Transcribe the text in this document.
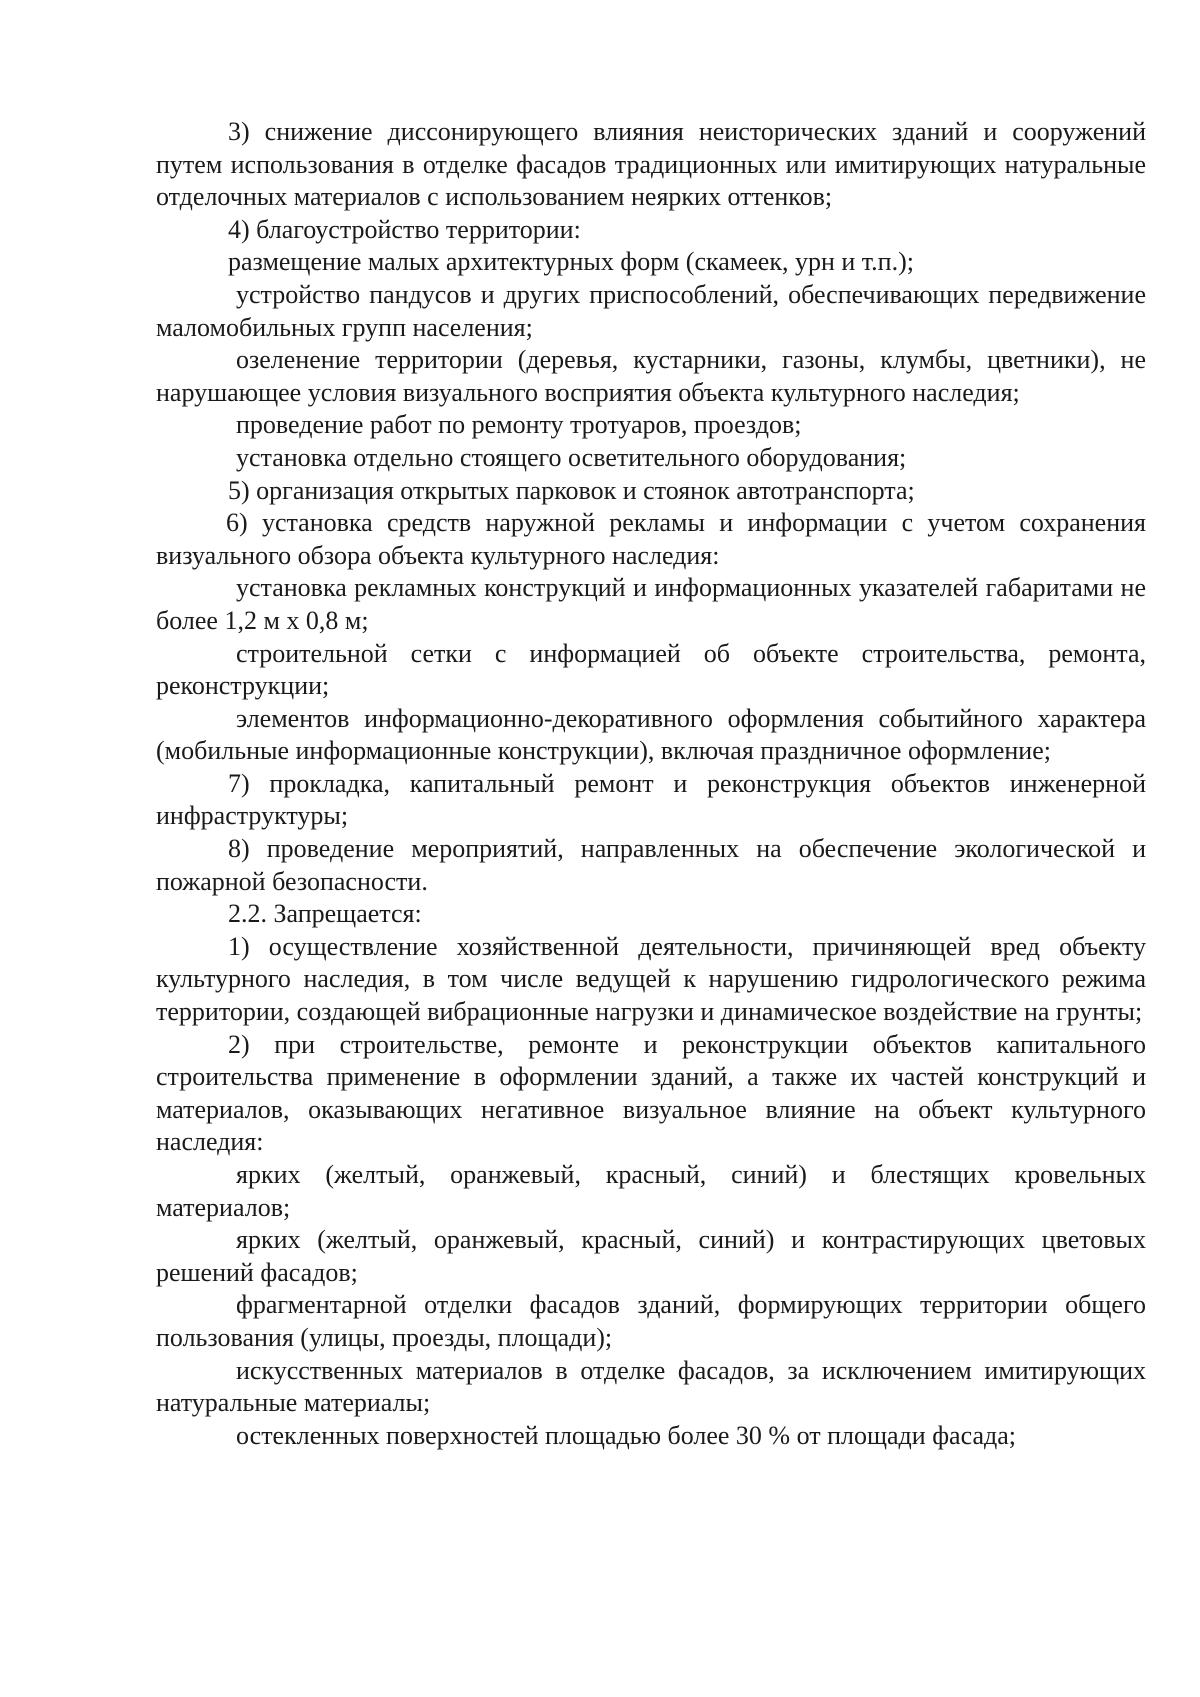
3) снижение диссонирующего влияния неисторических зданий и сооружений путем использования в отделке фасадов традиционных или имитирующих натуральные отделочных материалов с использованием неярких оттенков;

4) благоустройство территории:

размещение малых архитектурных форм (скамеек, урн и т.п.);

устройство пандусов и других приспособлений, обеспечивающих передвижение маломобильных групп населения;

озеленение территории (деревья, кустарники, газоны, клумбы, цветники), не нарушающее условия визуального восприятия объекта культурного наследия;

проведение работ по ремонту тротуаров, проездов;

установка отдельно стоящего осветительного оборудования;

5) организация открытых парковок и стоянок автотранспорта;

6) установка средств наружной рекламы и информации с учетом сохранения визуального обзора объекта культурного наследия:

установка рекламных конструкций и информационных указателей габаритами не более 1,2 м х 0,8 м;

строительной сетки с информацией об объекте строительства, ремонта, реконструкции;

элементов информационно-декоративного оформления событийного характера (мобильные информационные конструкции), включая праздничное оформление;

7) прокладка, капитальный ремонт и реконструкция объектов инженерной инфраструктуры;

8) проведение мероприятий, направленных на обеспечение экологической и пожарной безопасности.

2.2. Запрещается:

1) осуществление хозяйственной деятельности, причиняющей вред объекту культурного наследия, в том числе ведущей к нарушению гидрологического режима территории, создающей вибрационные нагрузки и динамическое воздействие на грунты;

2) при строительстве, ремонте и реконструкции объектов капитального строительства применение в оформлении зданий, а также их частей конструкций и материалов, оказывающих негативное визуальное влияние на объект культурного наследия:

ярких (желтый, оранжевый, красный, синий) и блестящих кровельных материалов;

ярких (желтый, оранжевый, красный, синий) и контрастирующих цветовых решений фасадов;

фрагментарной отделки фасадов зданий, формирующих территории общего пользования (улицы, проезды, площади);

искусственных материалов в отделке фасадов, за исключением имитирующих натуральные материалы;

остекленных поверхностей площадью более 30 % от площади фасада;
